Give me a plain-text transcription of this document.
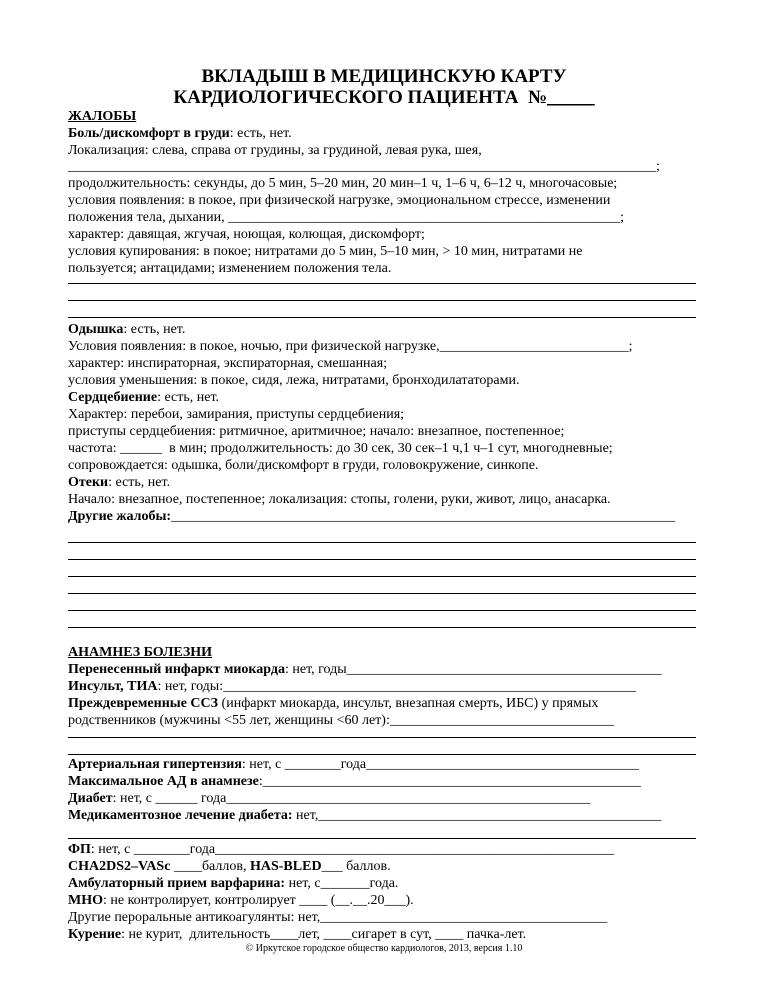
ВКЛАДЫШ В МЕДИЦИНСКУЮ КАРТУ
КАРДИОЛОГИЧЕСКОГО ПАЦИЕНТА  №_____
ЖАЛОБЫ
Боль/дискомфорт в груди: есть, нет.
Локализация: слева, справа от грудины, за грудиной, левая рука, шея,
____________________________________________________________________________________;
продолжительность: секунды, до 5 мин, 5–20 мин, 20 мин–1 ч, 1–6 ч, 6–12 ч, многочасовые;
условия появления: в покое, при физической нагрузке, эмоциональном стрессе, изменении
положения тела, дыхании, ________________________________________________________;
характер: давящая, жгучая, ноющая, колющая, дискомфорт;
условия купирования: в покое; нитратами до 5 мин, 5–10 мин, > 10 мин, нитратами не
пользуется; антацидами; изменением положения тела.
Одышка: есть, нет.
Условия появления: в покое, ночью, при физической нагрузке,___________________________;
характер: инспираторная, экспираторная, смешанная;
условия уменьшения: в покое, сидя, лежа, нитратами, бронходилататорами.
Сердцебиение: есть, нет.
Характер: перебои, замирания, приступы сердцебиения;
приступы сердцебиения: ритмичное, аритмичное; начало: внезапное, постепенное;
частота: ______  в мин; продолжительность: до 30 сек, 30 сек–1 ч,1 ч–1 сут, многодневные;
сопровождается: одышка, боли/дискомфорт в груди, головокружение, синкопе.
Отеки: есть, нет.
Начало: внезапное, постепенное; локализация: стопы, голени, руки, живот, лицо, анасарка.
Другие жалобы:________________________________________________________________________
АНАМНЕЗ БОЛЕЗНИ
Перенесенный инфаркт миокарда: нет, годы_____________________________________________
Инсульт, ТИА: нет, годы:___________________________________________________________
Преждевременные ССЗ (инфаркт миокарда, инсульт, внезапная смерть, ИБС) у прямых
родственников (мужчины <55 лет, женщины <60 лет):________________________________
Артериальная гипертензия: нет, с ________года_______________________________________
Максимальное АД в анамнезе:______________________________________________________
Диабет: нет, с ______ года____________________________________________________
Медикаментозное лечение диабета: нет,_________________________________________________
ФП: нет, с ________года_________________________________________________________
CHA2DS2–VASc ____баллов, HAS-BLED___ баллов.
Амбулаторный прием варфарина: нет, с_______года.
МНО: не контролирует, контролирует ____ (__.__.20___).
Другие пероральные антикоагулянты: нет,_________________________________________
Курение: не курит,  длительность____лет, ____сигарет в сут, ____ пачка-лет.
© Иркутское городское общество кардиологов, 2013, версия 1.10
